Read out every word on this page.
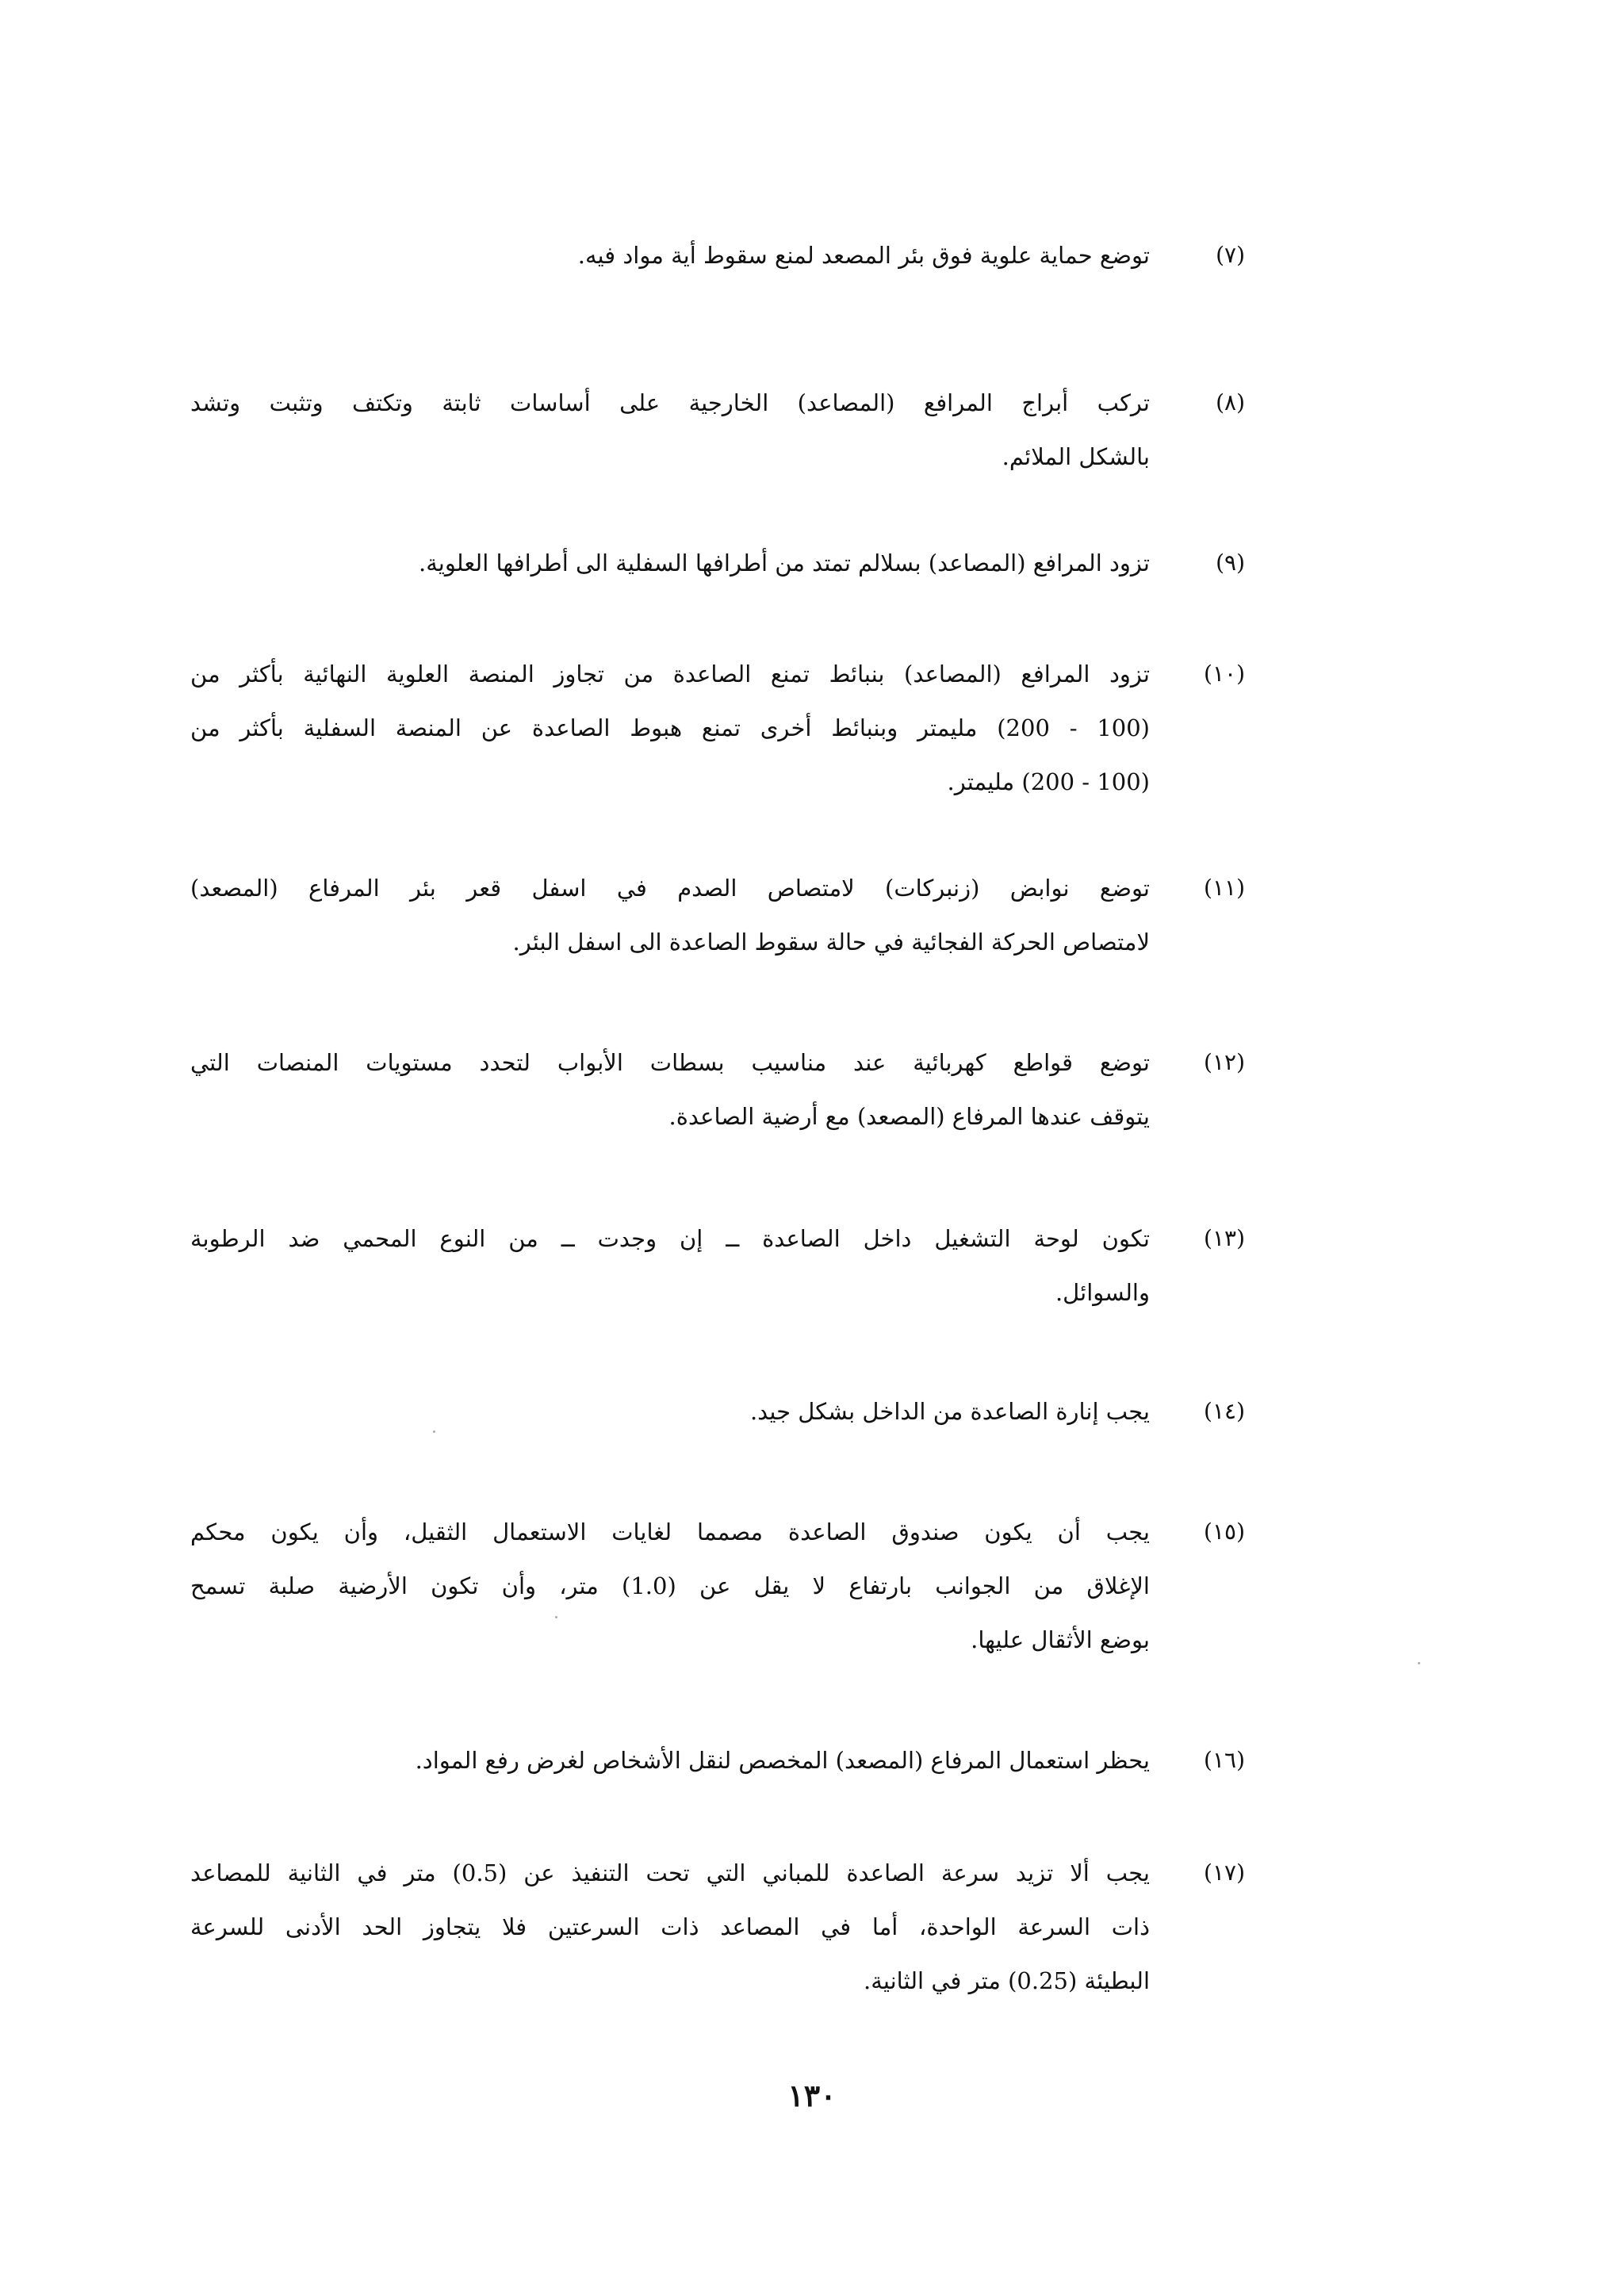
(٧)
توضع حماية علوية فوق بئر المصعد لمنع سقوط أية مواد فيه.
(٨)
تركب أبراج المرافع (المصاعد) الخارجية على أساسات ثابتة وتكتف وتثبت وتشد
بالشكل الملائم.
(٩)
تزود المرافع (المصاعد) بسلالم تمتد من أطرافها السفلية الى أطرافها العلوية.
(١٠)
تزود المرافع (المصاعد) بنبائط تمنع الصاعدة من تجاوز المنصة العلوية النهائية بأكثر من
(100 - 200) مليمتر وبنبائط أخرى تمنع هبوط الصاعدة عن المنصة السفلية بأكثر من
(100 - 200) مليمتر.
(١١)
توضع نوابض (زنبركات) لامتصاص الصدم في اسفل قعر بئر المرفاع (المصعد)
لامتصاص الحركة الفجائية في حالة سقوط الصاعدة الى اسفل البئر.
(١٢)
توضع قواطع كهربائية عند مناسيب بسطات الأبواب لتحدد مستويات المنصات التي
يتوقف عندها المرفاع (المصعد) مع أرضية الصاعدة.
(١٣)
تكون لوحة التشغيل داخل الصاعدة ــ إن وجدت ــ من النوع المحمي ضد الرطوبة
والسوائل.
(١٤)
يجب إنارة الصاعدة من الداخل بشكل جيد.
(١٥)
يجب أن يكون صندوق الصاعدة مصمما لغايات الاستعمال الثقيل، وأن يكون محكم
الإغلاق من الجوانب بارتفاع لا يقل عن (1.0) متر، وأن تكون الأرضية صلبة تسمح
بوضع الأثقال عليها.
(١٦)
يحظر استعمال المرفاع (المصعد) المخصص لنقل الأشخاص لغرض رفع المواد.
(١٧)
يجب ألا تزيد سرعة الصاعدة للمباني التي تحت التنفيذ عن (0.5) متر في الثانية للمصاعد
ذات السرعة الواحدة، أما في المصاعد ذات السرعتين فلا يتجاوز الحد الأدنى للسرعة
البطيئة (0.25) متر في الثانية.
١٣٠
